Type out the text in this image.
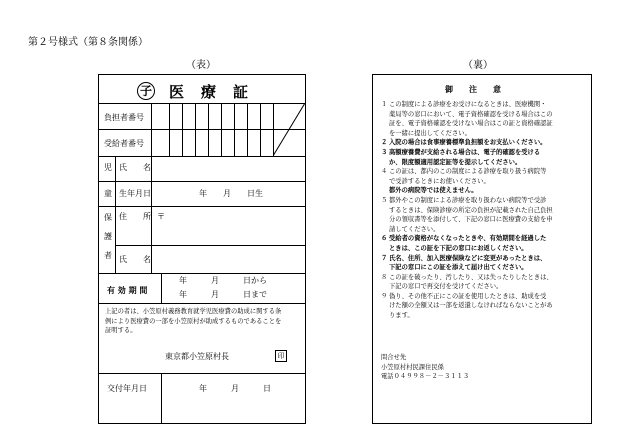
第２号様式（第８条関係）
（表）	（裏）
子 医　療　証
負担者番号
受給者番号
児 氏　　名
童 生年月日	年　　月　　日生
保
護
者
住　　所 〒
氏　　名
有 効 期 間
年　　　月　　　日から
年　　　月　　　日まで
上記の者は、小笠原村義務教育就学児医療費の助成に関する条
例により医療費の一部を小笠原村が助成するものであることを
証明する。
東京都小笠原村長	印
交付年月日	年　　　月　　　日
御　　注　　意
１ この制度による診療をお受けになるときは、医療機関・
薬局等の窓口において、電子資格確認を受ける場合はこの
証を、電子資格確認を受けない場合はこの証と資格確認証
を一緒に提出してください。
２ 入院の場合は食事療養標準負担額をお支払いください。
３ 高額療養費が支給される場合は、電子的確認を受ける
か、限度額適用認定証等を提示してください。
４ この証は、都内のこの制度による診療を取り扱う病院等
で受診するときにお使いください。
都外の病院等では使えません。
５ 都外やこの制度による診療を取り扱わない病院等で受診
するときは、保険診療の所定の負担が記載された自己負担
分の領収書等を添付して、下記の窓口に医療費の支給を申
請してください。
６ 受給者の資格がなくなったときや、有効期間を経過した
ときは、この証を下記の窓口にお返しください。
７ 氏名、住所、加入医療保険などに変更があったときは、
下記の窓口にこの証を添えて届け出てください。
８ この証を破ったり、汚したり、又は失ったりしたときは、
下記の窓口で再交付を受けてください。
９ 偽り、その他不正にこの証を使用したときは、助成を受
けた額の全額又は一部を返還しなければならないことがあ
ります。
問合せ先
小笠原村村民課住民係
電話０４９９８－２－３１１３
